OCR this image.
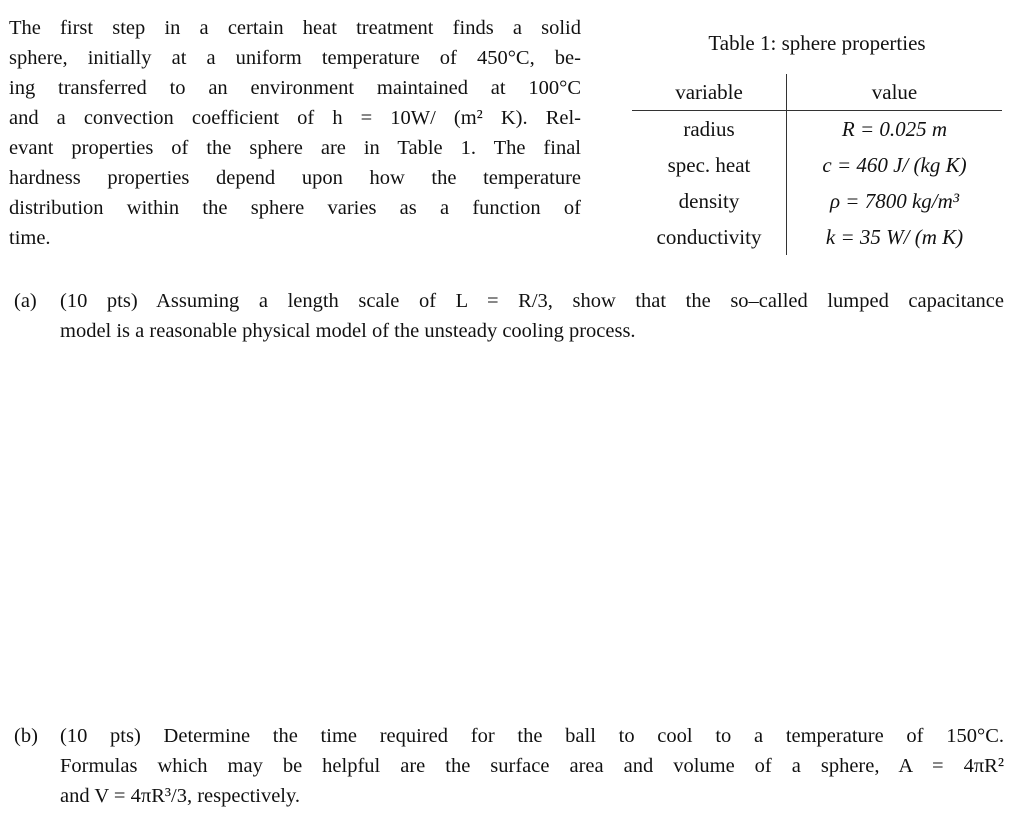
The first step in a certain heat treatment finds a solid
sphere, initially at a uniform temperature of 450°C, be-
ing transferred to an environment maintained at 100°C
and a convection coefficient of h = 10W/ (m² K). Rel-
evant properties of the sphere are in Table 1. The final
hardness properties depend upon how the temperature
distribution within the sphere varies as a function of
time.
Table 1: sphere properties
variable	value
radius	R = 0.025 m
spec. heat	c = 460 J/ (kg K)
density	ρ = 7800 kg/m³
conductivity	k = 35 W/ (m K)
(a)	(10 pts) Assuming a length scale of L = R/3, show that the so–called lumped capacitance
model is a reasonable physical model of the unsteady cooling process.
(b)	(10 pts) Determine the time required for the ball to cool to a temperature of 150°C.
Formulas which may be helpful are the surface area and volume of a sphere, A = 4πR²
and V = 4πR³/3, respectively.
